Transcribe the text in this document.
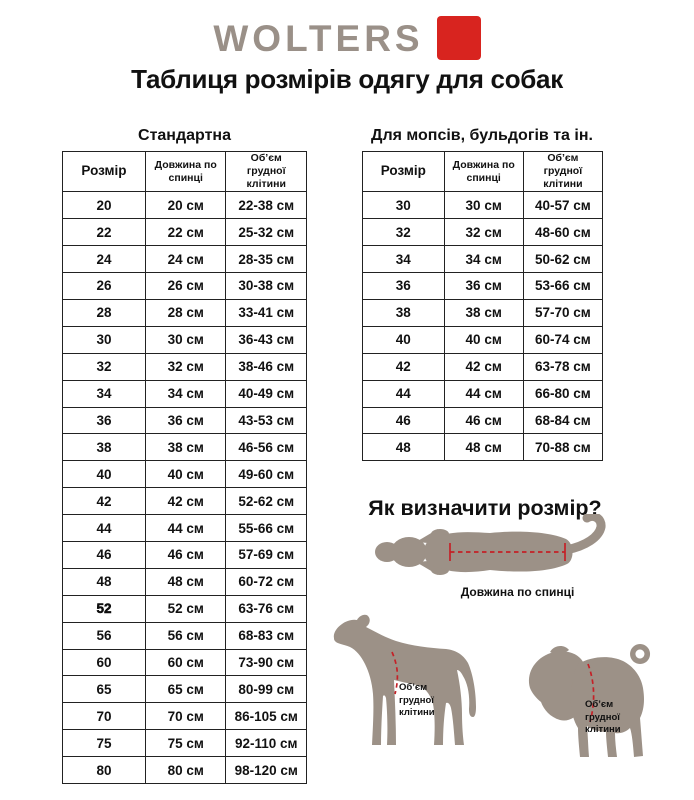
WOLTERS
Таблиця розмірів одягу для собак
Стандартна	Для мопсів, бульдогів та ін.
Розмір	Довжина по спинці	Об’єм грудної клітини
20	20 см	22-38 см
22	22 см	25-32 см
24	24 см	28-35 см
26	26 см	30-38 см
28	28 см	33-41 см
30	30 см	36-43 см
32	32 см	38-46 см
34	34 см	40-49 см
36	36 см	43-53 см
38	38 см	46-56 см
40	40 см	49-60 см
42	42 см	52-62 см
44	44 см	55-66 см
46	46 см	57-69 см
48	48 см	60-72 см
52	52 см	63-76 см
56	56 см	68-83 см
60	60 см	73-90 см
65	65 см	80-99 см
70	70 см	86-105 см
75	75 см	92-110 см
80	80 см	98-120 см
Розмір	Довжина по спинці	Об’єм грудної клітини
30	30 см	40-57 см
32	32 см	48-60 см
34	34 см	50-62 см
36	36 см	53-66 см
38	38 см	57-70 см
40	40 см	60-74 см
42	42 см	63-78 см
44	44 см	66-80 см
46	46 см	68-84 см
48	48 см	70-88 см
Як визначити розмір?
Довжина по спинці
Об’єм
грудної
клітини
Об’єм
грудної
клітини
